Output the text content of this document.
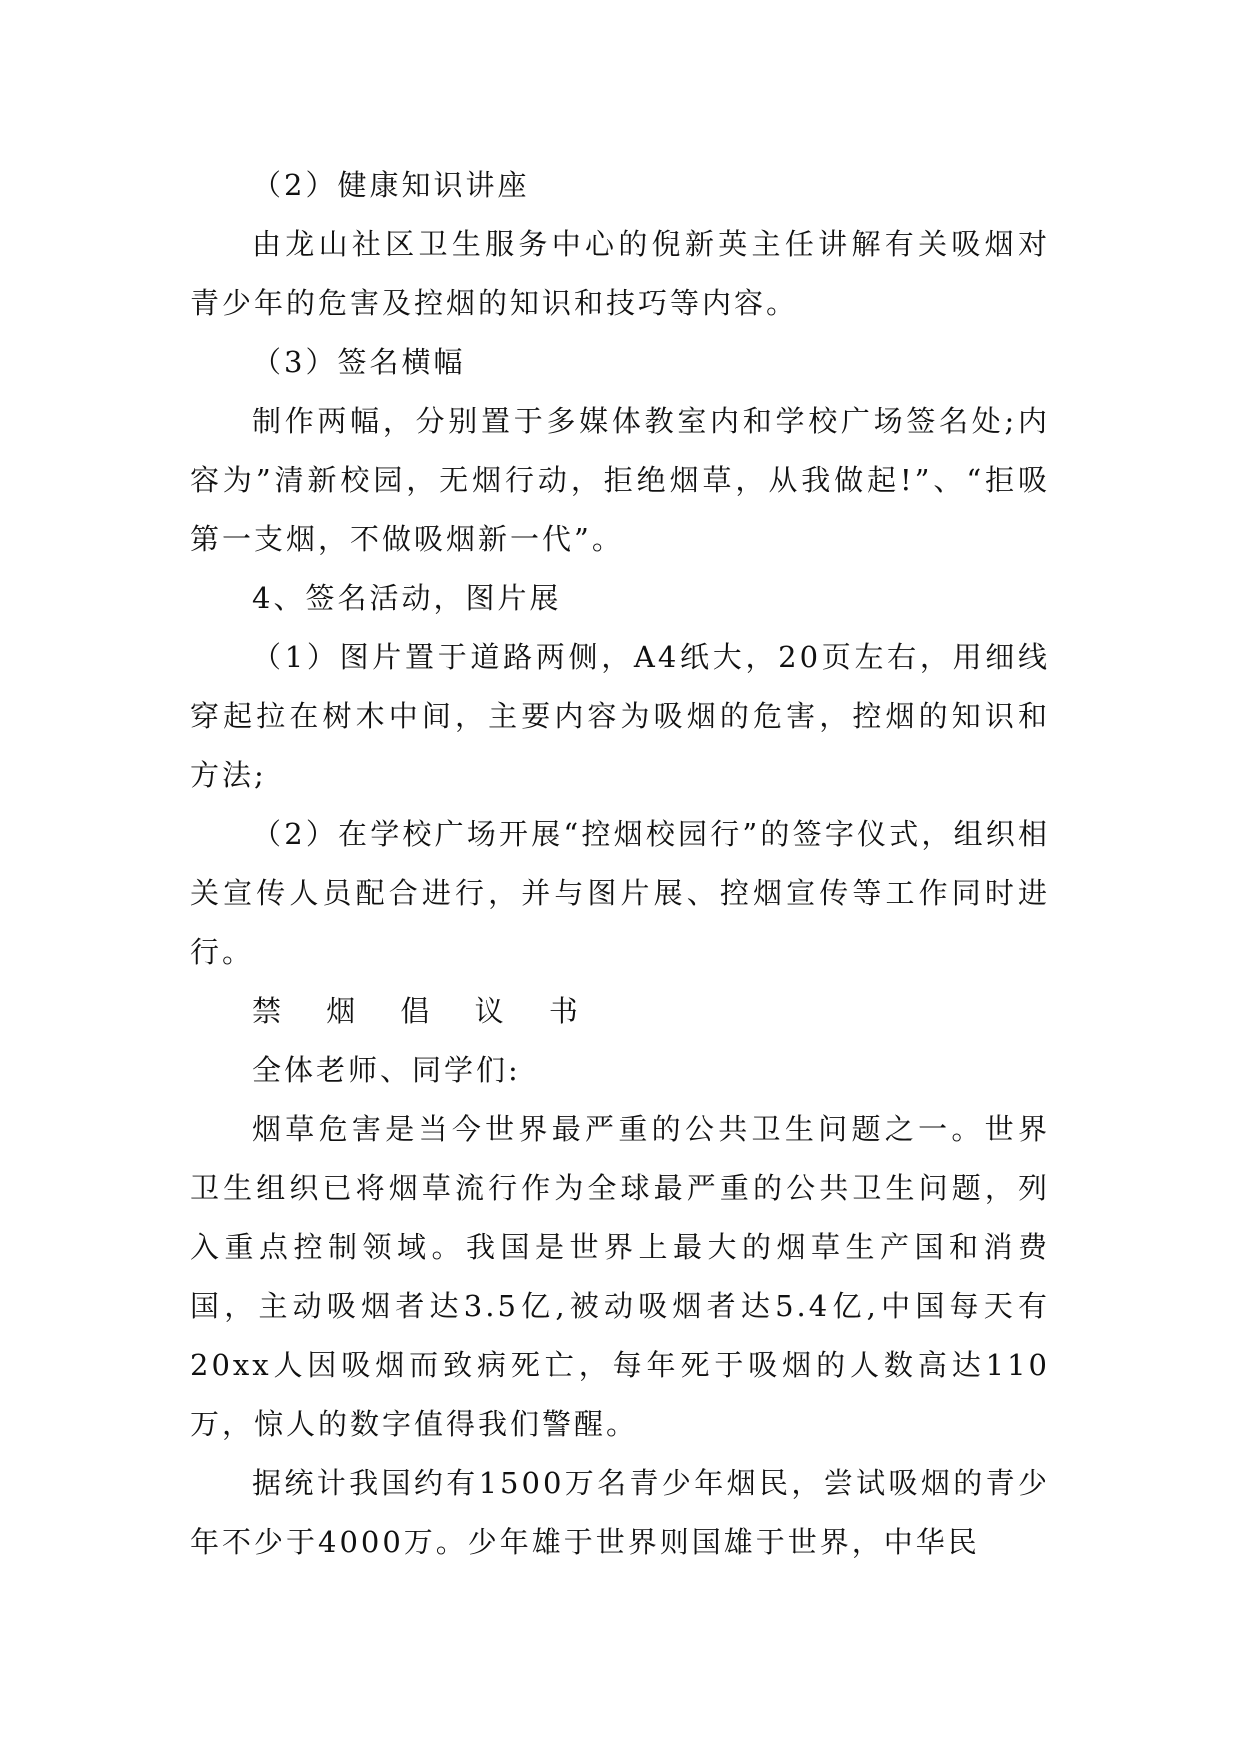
（2）健康知识讲座

由龙山社区卫生服务中心的倪新英主任讲解有关吸烟对青少年的危害及控烟的知识和技巧等内容。

（3）签名横幅

制作两幅，分别置于多媒体教室内和学校广场签名处;内容为”清新校园，无烟行动，拒绝烟草，从我做起!”、“拒吸第一支烟，不做吸烟新一代”。

4、签名活动，图片展

（1）图片置于道路两侧，A4纸大，20页左右，用细线穿起拉在树木中间，主要内容为吸烟的危害，控烟的知识和方法;

（2）在学校广场开展“控烟校园行”的签字仪式，组织相关宣传人员配合进行，并与图片展、控烟宣传等工作同时进行。

禁 烟 倡 议 书

全体老师、同学们:

烟草危害是当今世界最严重的公共卫生问题之一。世界卫生组织已将烟草流行作为全球最严重的公共卫生问题，列入重点控制领域。我国是世界上最大的烟草生产国和消费国，主动吸烟者达3.5亿,被动吸烟者达5.4亿,中国每天有20xx人因吸烟而致病死亡，每年死于吸烟的人数高达110万，惊人的数字值得我们警醒。

据统计我国约有1500万名青少年烟民，尝试吸烟的青少年不少于4000万。少年雄于世界则国雄于世界，中华民
